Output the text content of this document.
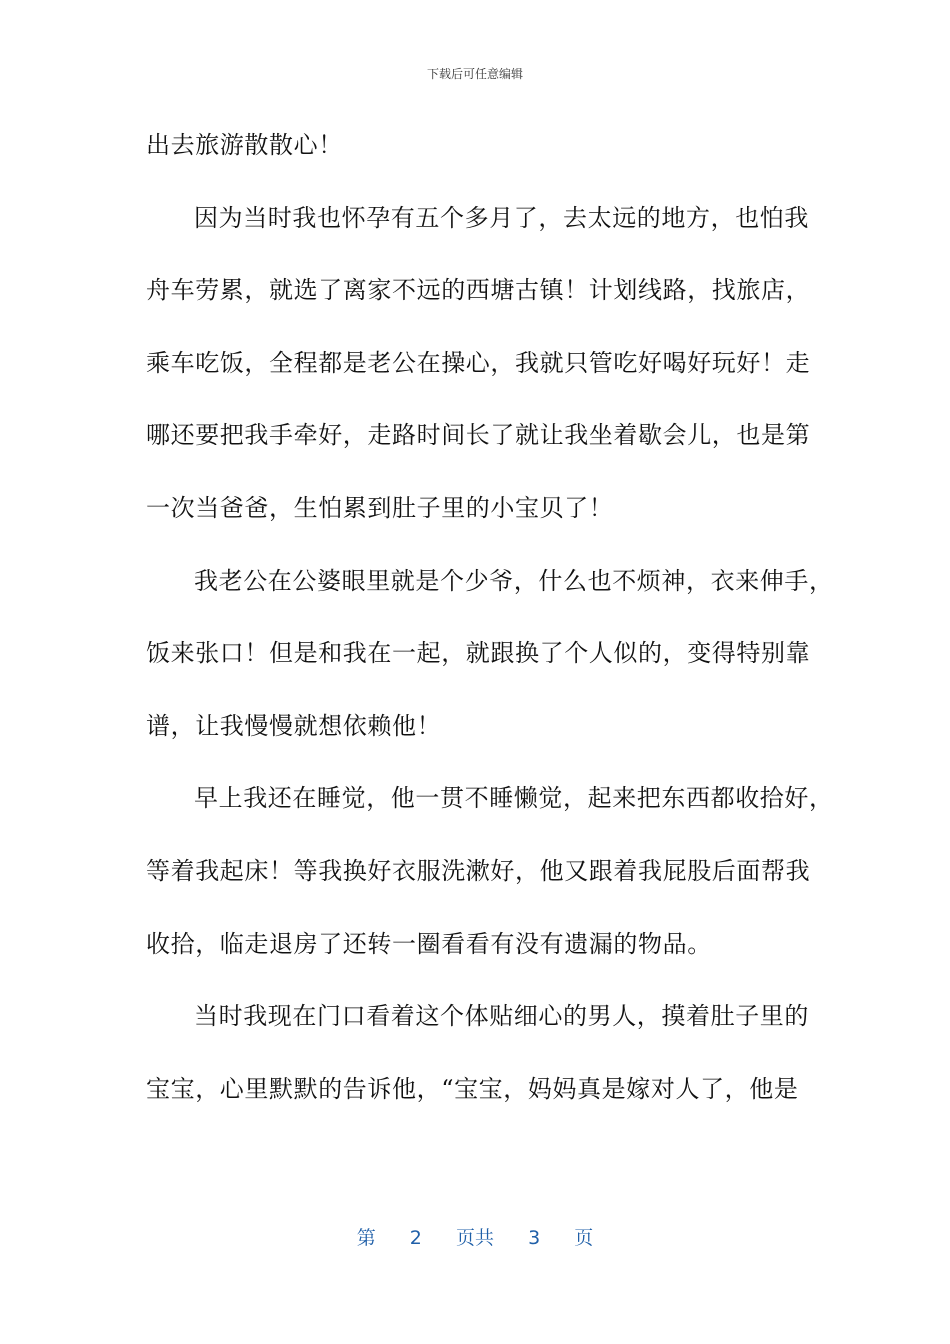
下载后可任意编辑
出去旅游散散心！
因为当时我也怀孕有五个多月了，去太远的地方，也怕我
舟车劳累，就选了离家不远的西塘古镇！计划线路，找旅店，
乘车吃饭，全程都是老公在操心，我就只管吃好喝好玩好！走
哪还要把我手牵好，走路时间长了就让我坐着歇会儿，也是第
一次当爸爸，生怕累到肚子里的小宝贝了！
我老公在公婆眼里就是个少爷，什么也不烦神，衣来伸手，
饭来张口！但是和我在一起，就跟换了个人似的，变得特别靠
谱，让我慢慢就想依赖他！
早上我还在睡觉，他一贯不睡懒觉，起来把东西都收拾好，
等着我起床！等我换好衣服洗漱好，他又跟着我屁股后面帮我
收拾，临走退房了还转一圈看看有没有遗漏的物品。
当时我现在门口看着这个体贴细心的男人，摸着肚子里的
宝宝，心里默默的告诉他，“宝宝，妈妈真是嫁对人了，他是
第 2 页共 3 页
